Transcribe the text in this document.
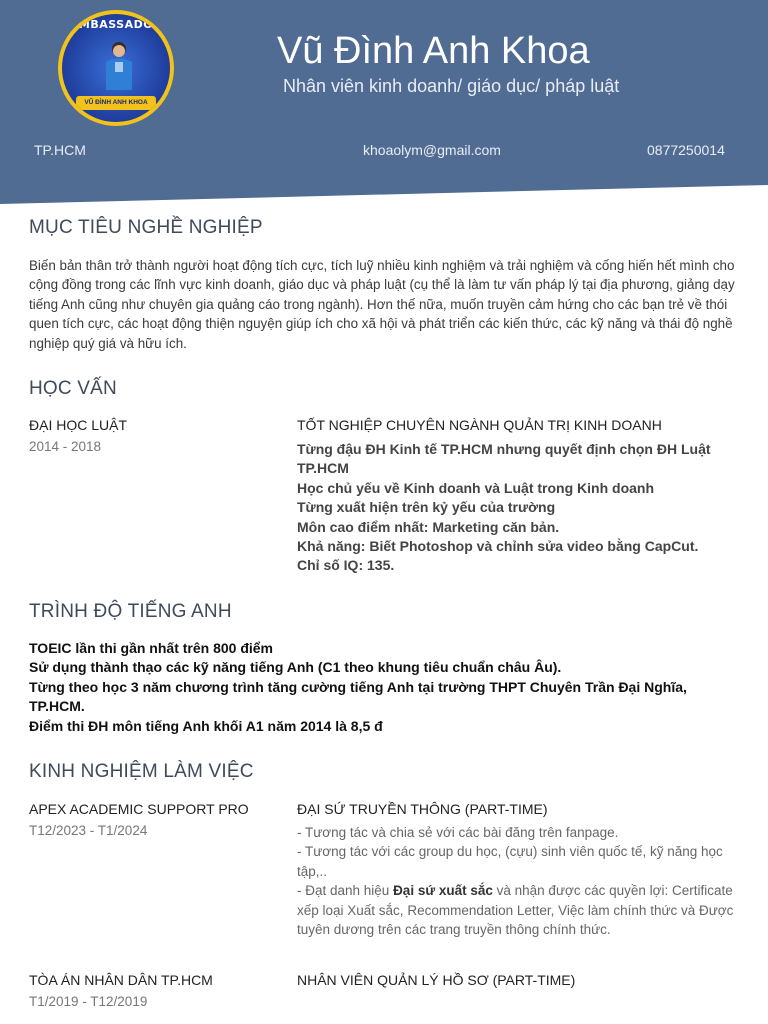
MBASSADO
VŨ ĐÌNH ANH KHOA
Vũ Đình Anh Khoa
Nhân viên kinh doanh/ giáo dục/ pháp luật
TP.HCM	khoaolym@gmail.com	0877250014
MỤC TIÊU NGHỀ NGHIỆP
Biến bản thân trở thành người hoạt động tích cực, tích luỹ nhiều kinh nghiệm và trải nghiệm và cống hiến hết mình cho cộng đồng trong các lĩnh vực kinh doanh, giáo dục và pháp luật (cụ thể là làm tư vấn pháp lý tại địa phương, giảng dạy tiếng Anh cũng như chuyên gia quảng cáo trong ngành). Hơn thế nữa, muốn truyền cảm hứng cho các bạn trẻ về thói quen tích cực, các hoạt động thiện nguyện giúp ích cho xã hội và phát triển các kiến thức, các kỹ năng và thái độ nghề nghiệp quý giá và hữu ích.
HỌC VẤN
ĐẠI HỌC LUẬT
2014 - 2018
TỐT NGHIỆP CHUYÊN NGÀNH QUẢN TRỊ KINH DOANH
Từng đậu ĐH Kinh tế TP.HCM nhưng quyết định chọn ĐH Luật TP.HCM
Học chủ yếu về Kinh doanh và Luật trong Kinh doanh
Từng xuất hiện trên kỷ yếu của trường
Môn cao điểm nhất: Marketing căn bản.
Khả năng: Biết Photoshop và chỉnh sửa video bằng CapCut.
Chỉ số IQ: 135.
TRÌNH ĐỘ TIẾNG ANH
TOEIC lần thi gần nhất trên 800 điểm
Sử dụng thành thạo các kỹ năng tiếng Anh (C1 theo khung tiêu chuẩn châu Âu).
Từng theo học 3 năm chương trình tăng cường tiếng Anh tại trường THPT Chuyên Trần Đại Nghĩa, TP.HCM.
Điểm thi ĐH môn tiếng Anh khối A1 năm 2014 là 8,5 đ
KINH NGHIỆM LÀM VIỆC
APEX ACADEMIC SUPPORT PRO
T12/2023 - T1/2024
ĐẠI SỨ TRUYỀN THÔNG (PART-TIME)
- Tương tác và chia sẻ với các bài đăng trên fanpage.
- Tương tác với các group du học, (cựu) sinh viên quốc tế, kỹ năng học tập,..
- Đạt danh hiệu Đại sứ xuất sắc và nhận được các quyền lợi: Certificate xếp loại Xuất sắc, Recommendation Letter, Việc làm chính thức và Được tuyên dương trên các trang truyền thông chính thức.
TÒA ÁN NHÂN DÂN TP.HCM
T1/2019 - T12/2019
NHÂN VIÊN QUẢN LÝ HỒ SƠ (PART-TIME)
